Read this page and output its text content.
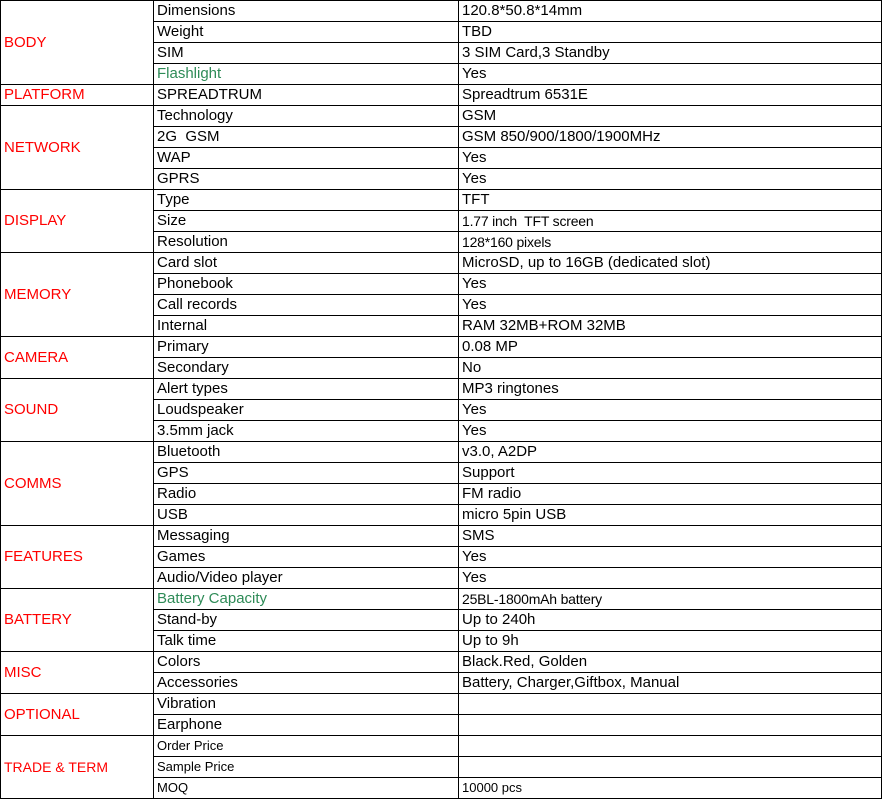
BODY	Dimensions	120.8*50.8*14mm
	Weight	TBD
	SIM	3 SIM Card,3 Standby
	Flashlight	Yes
PLATFORM	SPREADTRUM	Spreadtrum 6531E
NETWORK	Technology	GSM
	2G  GSM	GSM 850/900/1800/1900MHz
	WAP	Yes
	GPRS	Yes
DISPLAY	Type	TFT
	Size	1.77 inch  TFT screen
	Resolution	128*160 pixels
MEMORY	Card slot	MicroSD, up to 16GB (dedicated slot)
	Phonebook	Yes
	Call records	Yes
	Internal	RAM 32MB+ROM 32MB
CAMERA	Primary	0.08 MP
	Secondary	No
SOUND	Alert types	MP3 ringtones
	Loudspeaker	Yes
	3.5mm jack	Yes
COMMS	Bluetooth	v3.0, A2DP
	GPS	Support
	Radio	FM radio
	USB	micro 5pin USB
FEATURES	Messaging	SMS
	Games	Yes
	Audio/Video player	Yes
BATTERY	Battery Capacity	25BL-1800mAh battery
	Stand-by	Up to 240h
	Talk time	Up to 9h
MISC	Colors	Black.Red, Golden
	Accessories	Battery, Charger,Giftbox, Manual
OPTIONAL	Vibration	
	Earphone	
TRADE & TERM	Order Price	
	Sample Price	
	MOQ	10000 pcs
